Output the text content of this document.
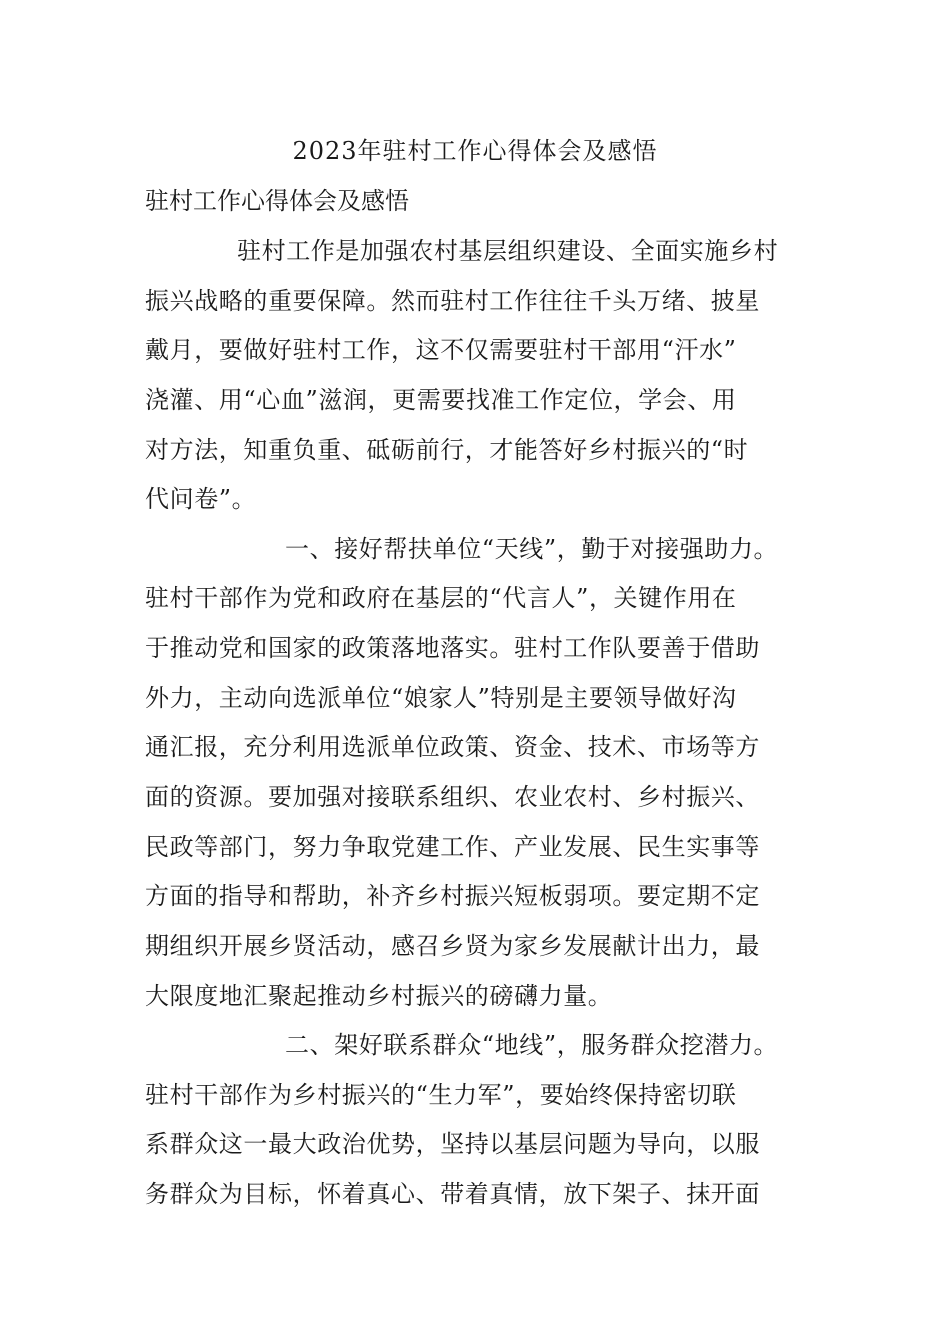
2023年驻村工作心得体会及感悟
驻村工作心得体会及感悟
驻村工作是加强农村基层组织建设、全面实施乡村
振兴战略的重要保障。然而驻村工作往往千头万绪、披星
戴月，要做好驻村工作，这不仅需要驻村干部用“汗水”
浇灌、用“心血”滋润，更需要找准工作定位，学会、用
对方法，知重负重、砥砺前行，才能答好乡村振兴的“时
代问卷”。
一、接好帮扶单位“天线”，勤于对接强助力。
驻村干部作为党和政府在基层的“代言人”，关键作用在
于推动党和国家的政策落地落实。驻村工作队要善于借助
外力，主动向选派单位“娘家人”特别是主要领导做好沟
通汇报，充分利用选派单位政策、资金、技术、市场等方
面的资源。要加强对接联系组织、农业农村、乡村振兴、
民政等部门，努力争取党建工作、产业发展、民生实事等
方面的指导和帮助，补齐乡村振兴短板弱项。要定期不定
期组织开展乡贤活动，感召乡贤为家乡发展献计出力，最
大限度地汇聚起推动乡村振兴的磅礴力量。
二、架好联系群众“地线”，服务群众挖潜力。
驻村干部作为乡村振兴的“生力军”，要始终保持密切联
系群众这一最大政治优势，坚持以基层问题为导向，以服
务群众为目标，怀着真心、带着真情，放下架子、抹开面
